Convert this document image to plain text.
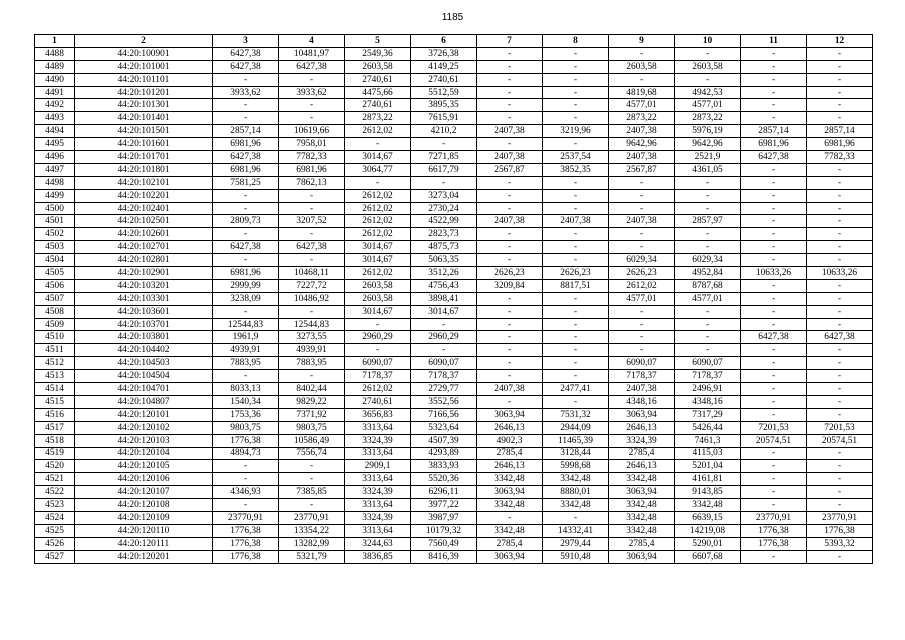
1185
1	2	3	4	5	6	7	8	9	10	11	12
4488	44:20:100901	6427,38	10481,97	2549,36	3726,38	-	-	-	-	-	-
4489	44:20:101001	6427,38	6427,38	2603,58	4149,25	-	-	2603,58	2603,58	-	-
4490	44:20:101101	-	-	2740,61	2740,61	-	-	-	-	-	-
4491	44:20:101201	3933,62	3933,62	4475,66	5512,59	-	-	4819,68	4942,53	-	-
4492	44:20:101301	-	-	2740,61	3895,35	-	-	4577,01	4577,01	-	-
4493	44:20:101401	-	-	2873,22	7615,91	-	-	2873,22	2873,22	-	-
4494	44:20:101501	2857,14	10619,66	2612,02	4210,2	2407,38	3219,96	2407,38	5976,19	2857,14	2857,14
4495	44:20:101601	6981,96	7958,01	-	-	-	-	9642,96	9642,96	6981,96	6981,96
4496	44:20:101701	6427,38	7782,33	3014,67	7271,85	2407,38	2537,54	2407,38	2521,9	6427,38	7782,33
4497	44:20:101801	6981,96	6981,96	3064,77	6617,79	2567,87	3852,35	2567,87	4361,05	-	-
4498	44:20:102101	7581,25	7862,13	-	-	-	-	-	-	-	-
4499	44:20:102201	-	-	2612,02	3273,04	-	-	-	-	-	-
4500	44:20:102401	-	-	2612,02	2730,24	-	-	-	-	-	-
4501	44:20:102501	2809,73	3207,52	2612,02	4522,99	2407,38	2407,38	2407,38	2857,97	-	-
4502	44:20:102601	-	-	2612,02	2823,73	-	-	-	-	-	-
4503	44:20:102701	6427,38	6427,38	3014,67	4875,73	-	-	-	-	-	-
4504	44:20:102801	-	-	3014,67	5063,35	-	-	6029,34	6029,34	-	-
4505	44:20:102901	6981,96	10468,11	2612,02	3512,26	2626,23	2626,23	2626,23	4952,84	10633,26	10633,26
4506	44:20:103201	2999,99	7227,72	2603,58	4756,43	3209,84	8817,51	2612,02	8787,68	-	-
4507	44:20:103301	3238,09	10486,92	2603,58	3898,41	-	-	4577,01	4577,01	-	-
4508	44:20:103601	-	-	3014,67	3014,67	-	-	-	-	-	-
4509	44:20:103701	12544,83	12544,83	-	-	-	-	-	-	-	-
4510	44:20:103801	1961,9	3273,55	2960,29	2960,29	-	-	-	-	6427,38	6427,38
4511	44:20:104402	4939,91	4939,91	-	-	-	-	-	-	-	-
4512	44:20:104503	7883,95	7883,95	6090,07	6090,07	-	-	6090,07	6090,07	-	-
4513	44:20:104504	-	-	7178,37	7178,37	-	-	7178,37	7178,37	-	-
4514	44:20:104701	8033,13	8402,44	2612,02	2729,77	2407,38	2477,41	2407,38	2496,91	-	-
4515	44:20:104807	1540,34	9829,22	2740,61	3552,56	-	-	4348,16	4348,16	-	-
4516	44:20:120101	1753,36	7371,92	3656,83	7166,56	3063,94	7531,32	3063,94	7317,29	-	-
4517	44:20:120102	9803,75	9803,75	3313,64	5323,64	2646,13	2944,09	2646,13	5426,44	7201,53	7201,53
4518	44:20:120103	1776,38	10586,49	3324,39	4507,39	4902,3	11465,39	3324,39	7461,3	20574,51	20574,51
4519	44:20:120104	4894,73	7556,74	3313,64	4293,89	2785,4	3128,44	2785,4	4115,03	-	-
4520	44:20:120105	-	-	2909,1	3833,93	2646,13	5998,68	2646,13	5201,04	-	-
4521	44:20:120106	-	-	3313,64	5520,36	3342,48	3342,48	3342,48	4161,81	-	-
4522	44:20:120107	4346,93	7385,85	3324,39	6296,11	3063,94	8880,01	3063,94	9143,85	-	-
4523	44:20:120108	-	-	3313,64	3977,22	3342,48	3342,48	3342,48	3342,48	-	-
4524	44:20:120109	23770,91	23770,91	3324,39	3987,97	-	-	3342,48	6639,15	23770,91	23770,91
4525	44:20:120110	1776,38	13354,22	3313,64	10179,32	3342,48	14332,41	3342,48	14219,08	1776,38	1776,38
4526	44:20:120111	1776,38	13282,99	3244,63	7560,49	2785,4	2979,44	2785,4	5290,01	1776,38	5393,32
4527	44:20:120201	1776,38	5321,79	3836,85	8416,39	3063,94	5910,48	3063,94	6607,68	-	-
